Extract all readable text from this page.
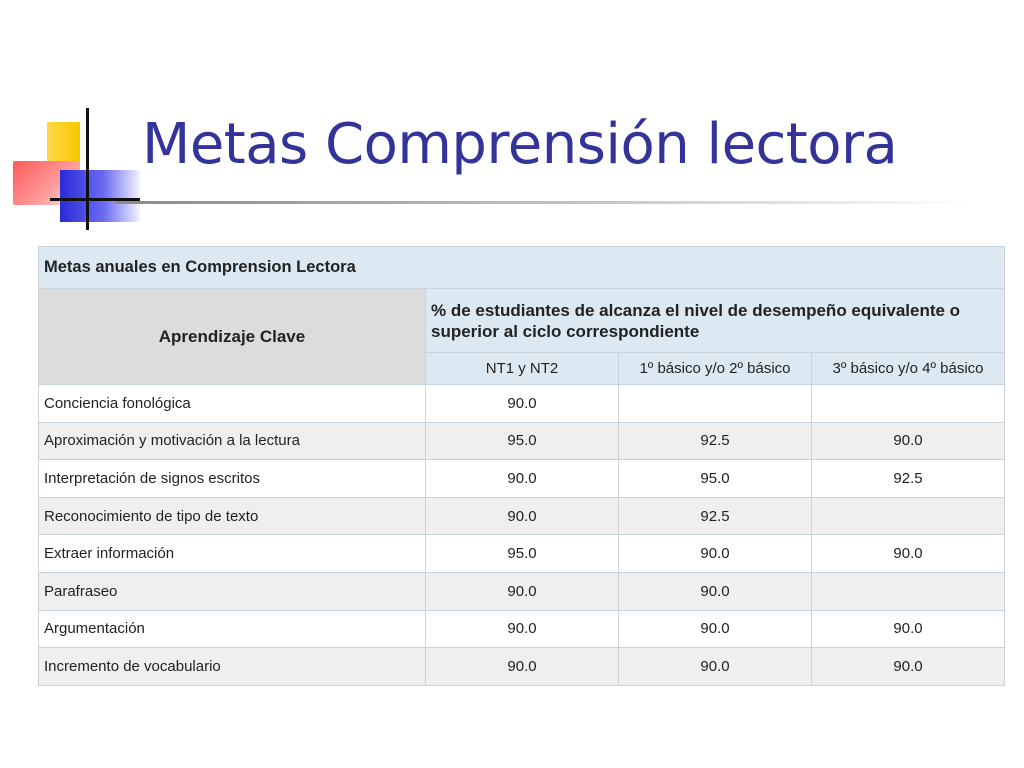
Metas Comprensión lectora
Metas anuales en Comprension Lectora			
Aprendizaje Clave	% de estudiantes de alcanza el nivel de desempeño equivalente o superior al ciclo correspondiente		
	NT1 y NT2	1º básico y/o 2º básico	3º básico y/o 4º básico
Conciencia fonológica	90.0		
Aproximación y motivación a la lectura	95.0	92.5	90.0
Interpretación de signos escritos	90.0	95.0	92.5
Reconocimiento de tipo de texto	90.0	92.5	
Extraer información	95.0	90.0	90.0
Parafraseo	90.0	90.0	
Argumentación	90.0	90.0	90.0
Incremento de vocabulario	90.0	90.0	90.0
